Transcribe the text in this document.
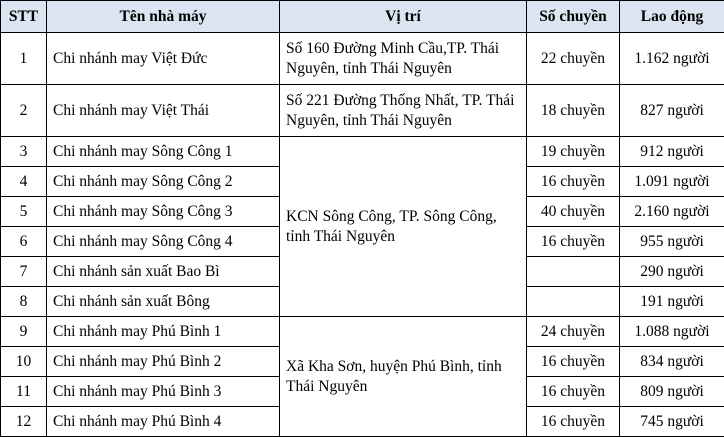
STT	Tên nhà máy	Vị trí	Số chuyền	Lao động
1	Chi nhánh may Việt Đức	Số 160 Đường Minh Cầu,TP. Thái Nguyên, tỉnh Thái Nguyên	22 chuyền	1.162 người
2	Chi nhánh may Việt Thái	Số 221 Đường Thống Nhất, TP. Thái Nguyên, tỉnh Thái Nguyên	18 chuyền	827 người
3	Chi nhánh may Sông Công 1	KCN Sông Công, TP. Sông Công, tỉnh Thái Nguyên	19 chuyền	912 người
4	Chi nhánh may Sông Công 2		16 chuyền	1.091 người
5	Chi nhánh may Sông Công 3		40 chuyền	2.160 người
6	Chi nhánh may Sông Công 4		16 chuyền	955 người
7	Chi nhánh sản xuất Bao Bì			290 người
8	Chi nhánh sản xuất Bông			191 người
9	Chi nhánh may Phú Bình 1	Xã Kha Sơn, huyện Phú Bình, tỉnh Thái Nguyên	24 chuyền	1.088 người
10	Chi nhánh may Phú Bình 2		16 chuyền	834 người
11	Chi nhánh may Phú Bình 3		16 chuyền	809 người
12	Chi nhánh may Phú Bình 4		16 chuyền	745 người
